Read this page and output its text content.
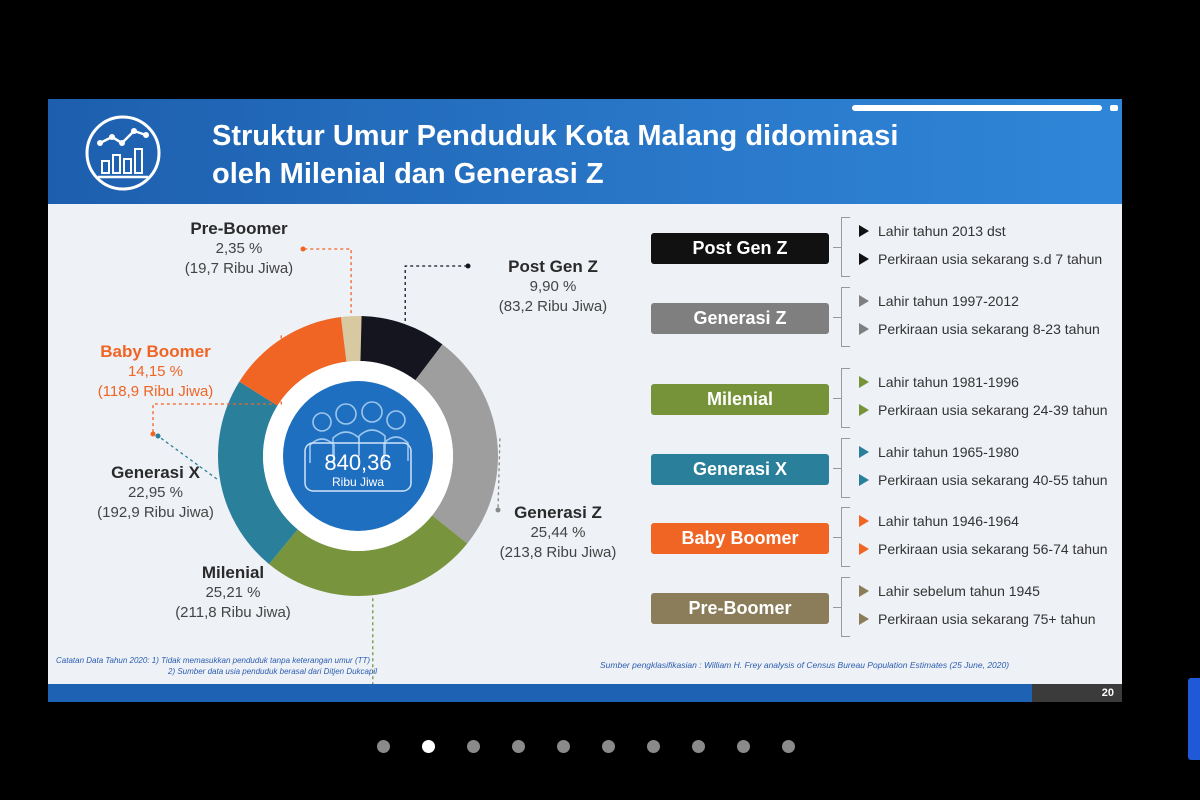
Struktur Umur Penduduk Kota Malang didominasi
oleh Milenial dan Generasi Z
840,36
Ribu Jiwa
Pre-Boomer
2,35 %
(19,7 Ribu Jiwa)	Post Gen Z
9,90 %
(83,2 Ribu Jiwa)
Generasi Z
25,44 %
(213,8 Ribu Jiwa)
Milenial
25,21 %
(211,8 Ribu Jiwa)
Generasi X
22,95 %
(192,9 Ribu Jiwa)
Baby Boomer
14,15 %
(118,9 Ribu Jiwa)
Post Gen Z
Lahir tahun 2013 dst
Perkiraan usia sekarang s.d 7 tahun
Generasi Z
Lahir tahun 1997-2012
Perkiraan usia sekarang 8-23 tahun
Milenial
Lahir tahun 1981-1996
Perkiraan usia sekarang 24-39 tahun
Generasi X
Lahir tahun 1965-1980
Perkiraan usia sekarang 40-55 tahun
Baby Boomer
Lahir tahun 1946-1964
Perkiraan usia sekarang 56-74 tahun
Pre-Boomer
Lahir sebelum tahun 1945
Perkiraan usia sekarang 75+ tahun
Catatan Data Tahun 2020: 1) Tidak memasukkan penduduk tanpa keterangan umur (TT)
2) Sumber data usia penduduk berasal dari Ditjen Dukcapil
Sumber pengklasifikasian : William H. Frey analysis of Census Bureau Population Estimates (25 June, 2020)
20
